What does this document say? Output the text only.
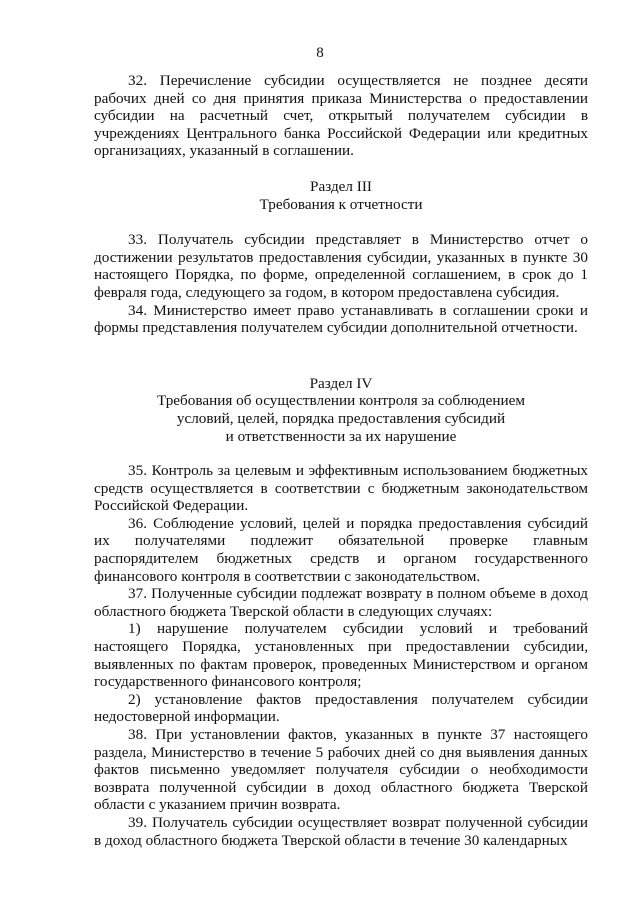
8

32. Перечисление субсидии осуществляется не позднее десяти рабочих дней со дня принятия приказа Министерства о предоставлении субсидии на расчетный счет, открытый получателем субсидии в учреждениях Центрального банка Российской Федерации или кредитных организациях, указанный в соглашении.

Раздел III

Требования к отчетности

33. Получатель субсидии представляет в Министерство отчет о достижении результатов предоставления субсидии, указанных в пункте 30 настоящего Порядка, по форме, определенной соглашением, в срок до 1 февраля года, следующего за годом, в котором предоставлена субсидия.

34. Министерство имеет право устанавливать в соглашении сроки и формы представления получателем субсидии дополнительной отчетности.

Раздел IV

Требования об осуществлении контроля за соблюдением

условий, целей, порядка предоставления субсидий

и ответственности за их нарушение

35. Контроль за целевым и эффективным использованием бюджетных средств осуществляется в соответствии с бюджетным законодательством Российской Федерации.

36. Соблюдение условий, целей и порядка предоставления субсидий их получателями подлежит обязательной проверке главным распорядителем бюджетных средств и органом государственного финансового контроля в соответствии с законодательством.

37. Полученные субсидии подлежат возврату в полном объеме в доход областного бюджета Тверской области в следующих случаях:

1) нарушение получателем субсидии условий и требований настоящего Порядка, установленных при предоставлении субсидии, выявленных по фактам проверок, проведенных Министерством и органом государственного финансового контроля;

2) установление фактов предоставления получателем субсидии недостоверной информации.

38. При установлении фактов, указанных в пункте 37 настоящего раздела, Министерство в течение 5 рабочих дней со дня выявления данных фактов письменно уведомляет получателя субсидии о необходимости возврата полученной субсидии в доход областного бюджета Тверской области с указанием причин возврата.

39. Получатель субсидии осуществляет возврат полученной субсидии в доход областного бюджета Тверской области в течение 30 календарных
